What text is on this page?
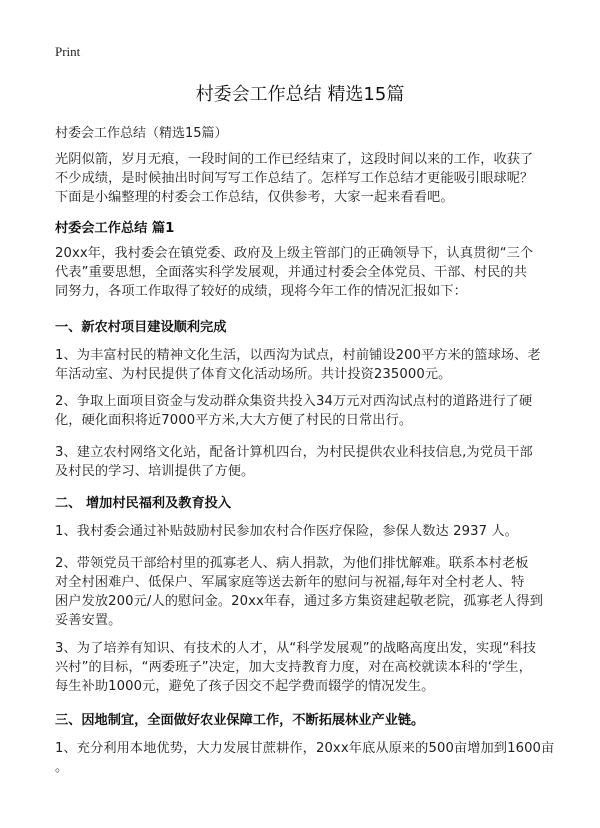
Print
村委会工作总结 精选15篇

村委会工作总结（精选15篇）

光阴似箭，岁月无痕，一段时间的工作已经结束了，这段时间以来的工作，收获了
不少成绩，是时候抽出时间写写工作总结了。怎样写工作总结才更能吸引眼球呢？
下面是小编整理的村委会工作总结，仅供参考，大家一起来看看吧。
村委会工作总结 篇1
20xx年，我村委会在镇党委、政府及上级主管部门的正确领导下，认真贯彻“三个
代表”重要思想，全面落实科学发展观，并通过村委会全体党员、干部、村民的共
同努力，各项工作取得了较好的成绩，现将今年工作的情况汇报如下：
一、新农村项目建设顺利完成
1、为丰富村民的精神文化生活，以西沟为试点，村前铺设200平方米的篮球场、老
年活动室、为村民提供了体育文化活动场所。共计投资235000元。
2、争取上面项目资金与发动群众集资共投入34万元对西沟试点村的道路进行了硬
化，硬化面积将近7000平方米,大大方便了村民的日常出行。
3、建立农村网络文化站，配备计算机四台，为村民提供农业科技信息,为党员干部
及村民的学习、培训提供了方便。
二、 增加村民福利及教育投入
1、我村委会通过补贴鼓励村民参加农村合作医疗保险，参保人数达 2937 人。
2、带领党员干部给村里的孤寡老人、病人捐款，为他们排忧解难。联系本村老板
对全村困难户、低保户、军属家庭等送去新年的慰问与祝福,每年对全村老人、特
困户发放200元/人的慰问金。20xx年春，通过多方集资建起敬老院，孤寡老人得到
妥善安置。
3、为了培养有知识、有技术的人才，从“科学发展观”的战略高度出发，实现“科技
兴村”的目标，“两委班子”决定，加大支持教育力度，对在高校就读本科的‘学生，
每生补助1000元，避免了孩子因交不起学费而辍学的情况发生。
三、因地制宜，全面做好农业保障工作，不断拓展林业产业链。
1、充分利用本地优势，大力发展甘蔗耕作，20xx年底从原来的500亩增加到1600亩
。
